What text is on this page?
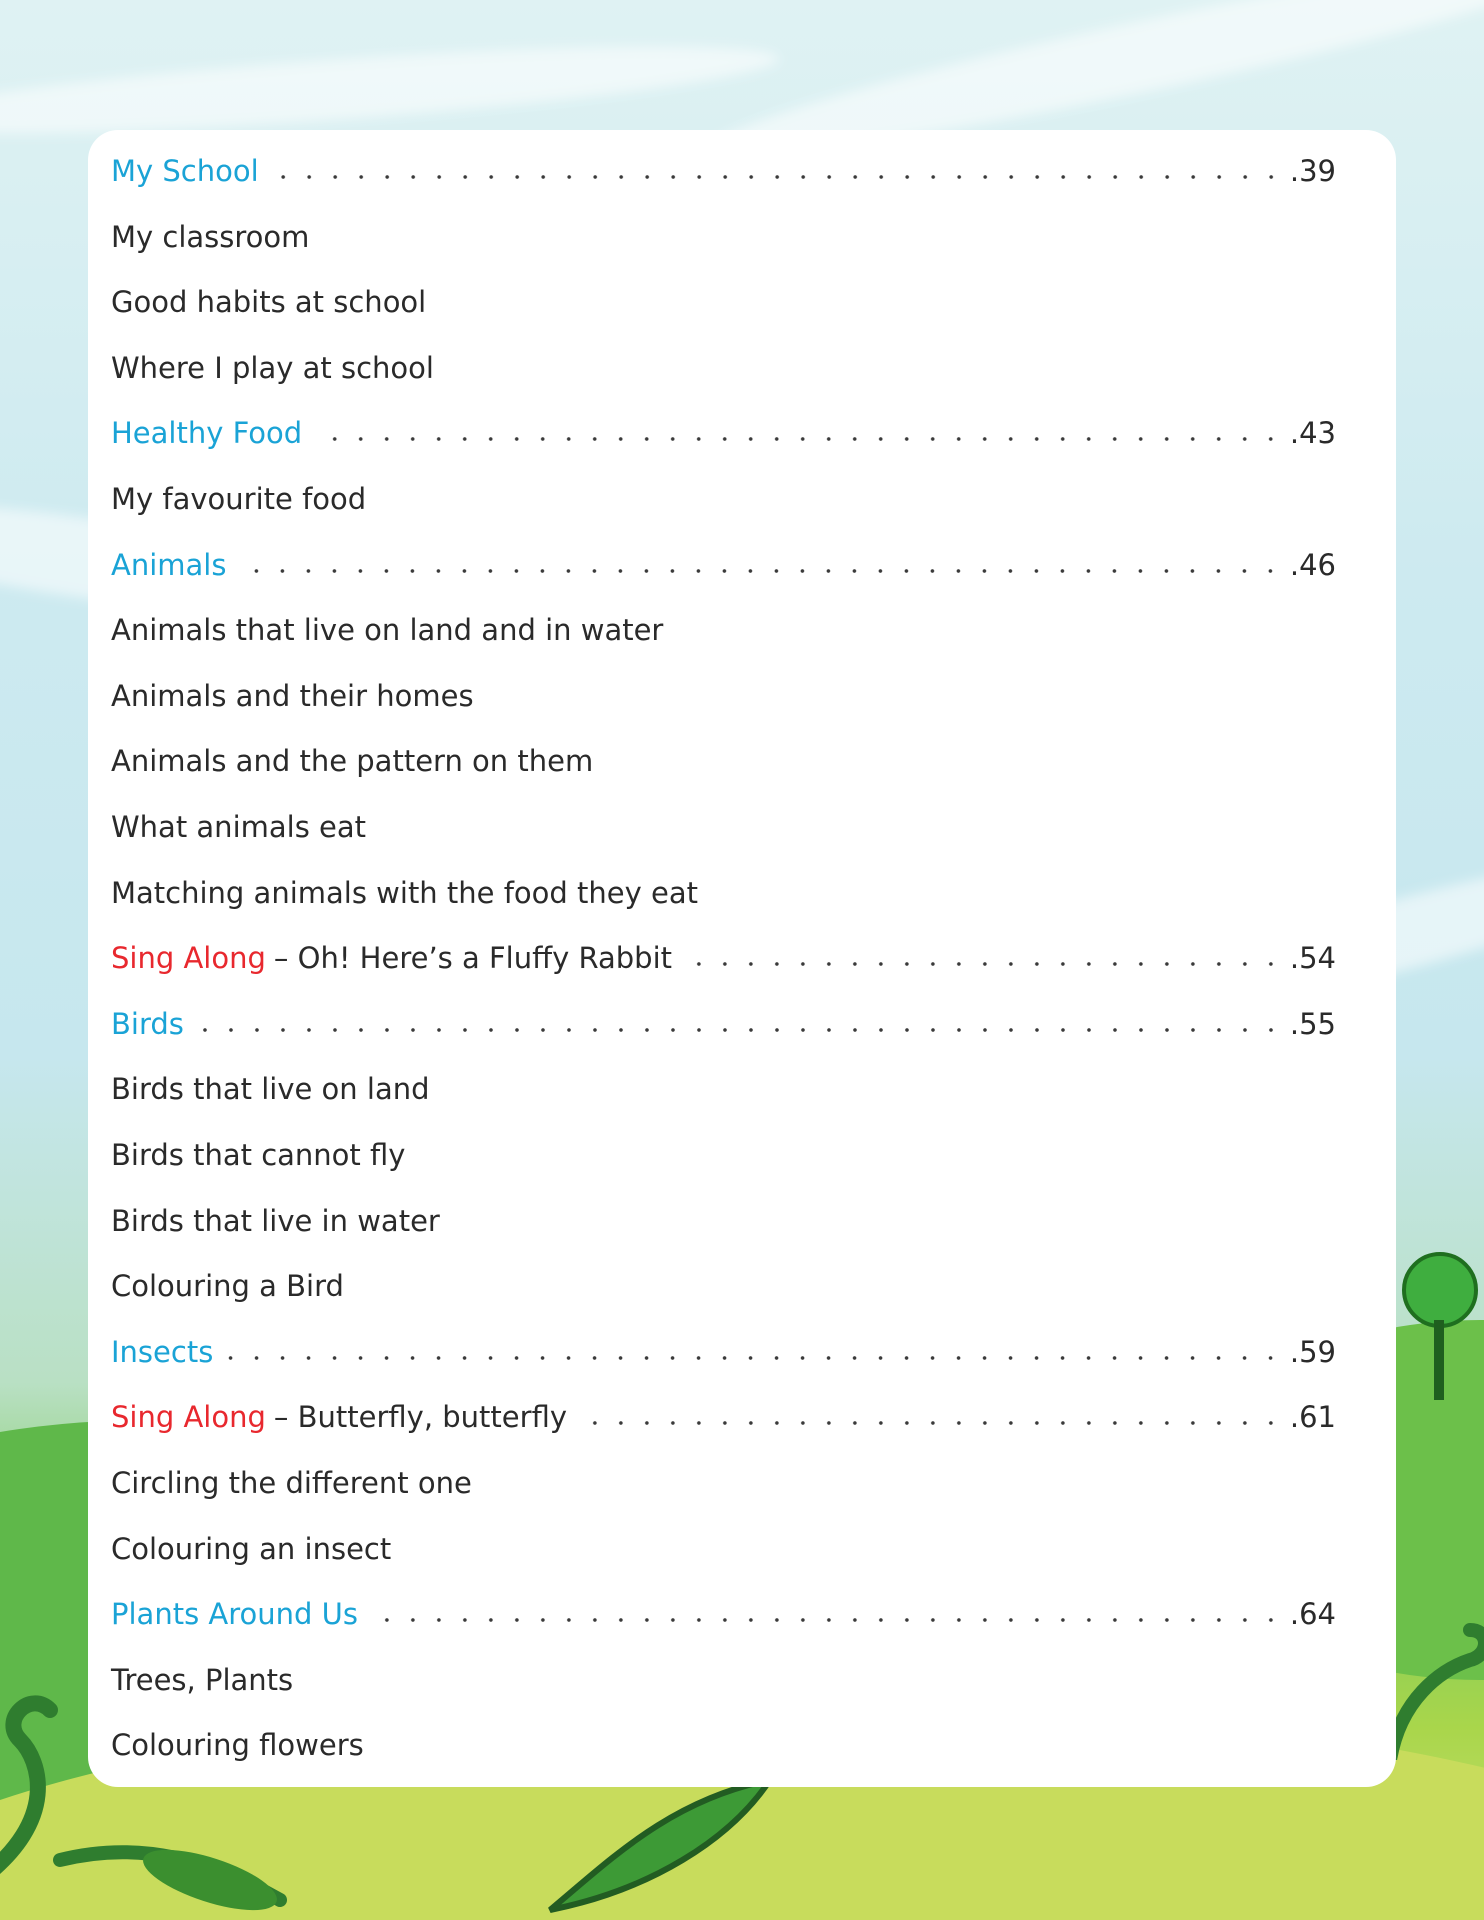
My School	.39
My classroom
Good habits at school
Where I play at school
Healthy Food	.43
My favourite food
Animals	.46
Animals that live on land and in water
Animals and their homes
Animals and the pattern on them
What animals eat
Matching animals with the food they eat
Sing Along – Oh! Here’s a Fluffy Rabbit	.54
Birds	.55
Birds that live on land
Birds that cannot fly
Birds that live in water
Colouring a Bird
Insects	.59
Sing Along – Butterfly, butterfly	.61
Circling the different one
Colouring an insect
Plants Around Us	.64
Trees, Plants
Colouring flowers
